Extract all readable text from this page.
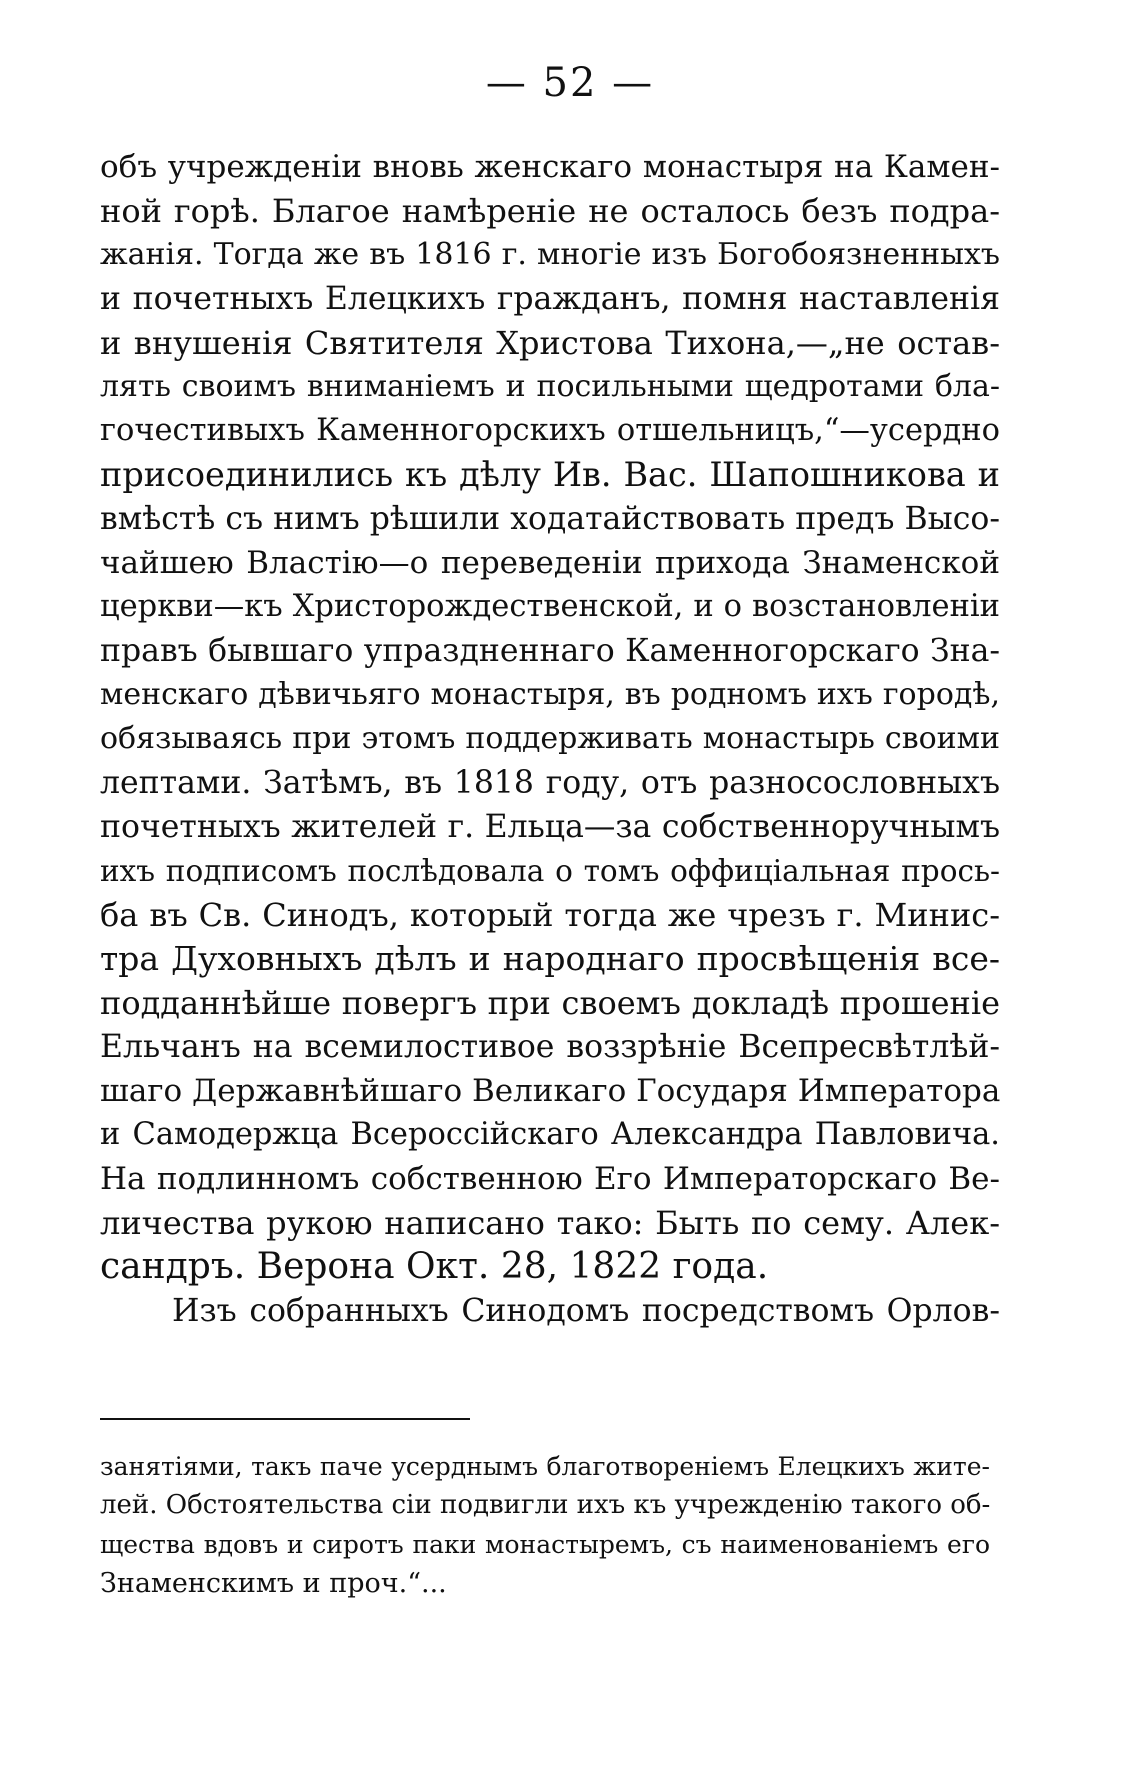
— 52 —
объ учрежденіи вновь женскаго монастыря на Камен-
ной горѣ. Благое намѣреніе не осталось безъ подра-
жанія. Тогда же въ 1816 г. многіе изъ Богобоязненныхъ
и почетныхъ Елецкихъ гражданъ, помня наставленія
и внушенія Святителя Христова Тихона,—„не остав-
лять своимъ вниманіемъ и посильными щедротами бла-
гочестивыхъ Каменногорскихъ отшельницъ,“—усердно
присоединились къ дѣлу Ив. Вас. Шапошникова и
вмѣстѣ съ нимъ рѣшили ходатайствовать предъ Высо-
чайшею Властію—о переведеніи прихода Знаменской
церкви—къ Христорождественской, и о возстановленіи
правъ бывшаго упраздненнаго Каменногорскаго Зна-
менскаго дѣвичьяго монастыря, въ родномъ ихъ городѣ,
обязываясь при этомъ поддерживать монастырь своими
лептами. Затѣмъ, въ 1818 году, отъ разносословныхъ
почетныхъ жителей г. Ельца—за собственноручнымъ
ихъ подписомъ послѣдовала о томъ оффиціальная прось-
ба въ Св. Синодъ, который тогда же чрезъ г. Минис-
тра Духовныхъ дѣлъ и народнаго просвѣщенія все-
подданнѣйше повергъ при своемъ докладѣ прошеніе
Ельчанъ на всемилостивое воззрѣніе Всепресвѣтлѣй-
шаго Державнѣйшаго Великаго Государя Императора
и Самодержца Всероссійскаго Александра Павловича.
На подлинномъ собственною Его Императорскаго Ве-
личества рукою написано тако: Быть по сему. Алек-
сандръ. Верона Окт. 28, 1822 года.
Изъ собранныхъ Синодомъ посредствомъ Орлов-
занятіями, такъ паче усерднымъ благотвореніемъ Елецкихъ жите-
лей. Обстоятельства сіи подвигли ихъ къ учрежденію такого об-
щества вдовъ и сиротъ паки монастыремъ, съ наименованіемъ его
Знаменскимъ и проч.“...
